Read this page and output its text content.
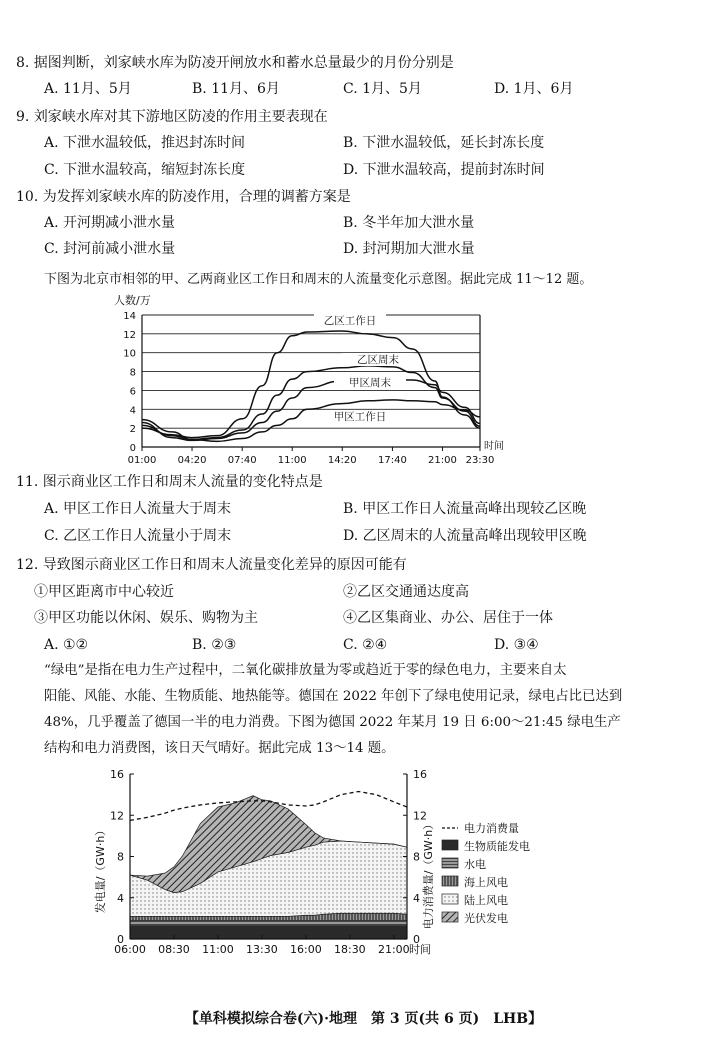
8. 据图判断，刘家峡水库为防凌开闸放水和蓄水总量最少的月份分别是
A. 11月、5月	B. 11月、6月	C. 1月、5月	D. 1月、6月
9. 刘家峡水库对其下游地区防凌的作用主要表现在
A. 下泄水温较低，推迟封冻时间	B. 下泄水温较低，延长封冻长度
C. 下泄水温较高，缩短封冻长度	D. 下泄水温较高，提前封冻时间
10. 为发挥刘家峡水库的防凌作用，合理的调蓄方案是
A. 开河期减小泄水量	B. 冬半年加大泄水量
C. 封河前减小泄水量	D. 封河期加大泄水量
下图为北京市相邻的甲、乙两商业区工作日和周末的人流量变化示意图。据此完成 11～12 题。
人数/万
0
2
4
6
8
10
12
14
01:00 04:20 07:40 11:00 14:20 17:40 21:00 23:30
时间
乙区工作日
乙区周末
甲区周末
甲区工作日
11. 图示商业区工作日和周末人流量的变化特点是
A. 甲区工作日人流量大于周末	B. 甲区工作日人流量高峰出现较乙区晚
C. 乙区工作日人流量小于周末	D. 乙区周末的人流量高峰出现较甲区晚
12. 导致图示商业区工作日和周末人流量变化差异的原因可能有
①甲区距离市中心较近	②乙区交通通达度高
③甲区功能以休闲、娱乐、购物为主	④乙区集商业、办公、居住于一体
A. ①②	B. ②③	C. ②④	D. ③④

“绿电”是指在电力生产过程中，二氧化碳排放量为零或趋近于零的绿色电力，主要来自太

阳能、风能、水能、生物质能、地热能等。德国在 2022 年创下了绿电使用记录，绿电占比已达到

48%，几乎覆盖了德国一半的电力消费。下图为德国 2022 年某月 19 日 6:00～21:45 绿电生产

结构和电力消费图，该日天气晴好。据此完成 13～14 题。

0	0
4	4
8	8
12	12
16	16
06:00 08:30 11:00 13:30 16:00 18:30 21:00 时间
发电量/（GW·h）	电力消费量/（GW·h）	电力消费量
生物质能发电
水电
海上风电
陆上风电
光伏发电
【单科模拟综合卷(六)·地理　第 3 页(共 6 页)　LHB】
